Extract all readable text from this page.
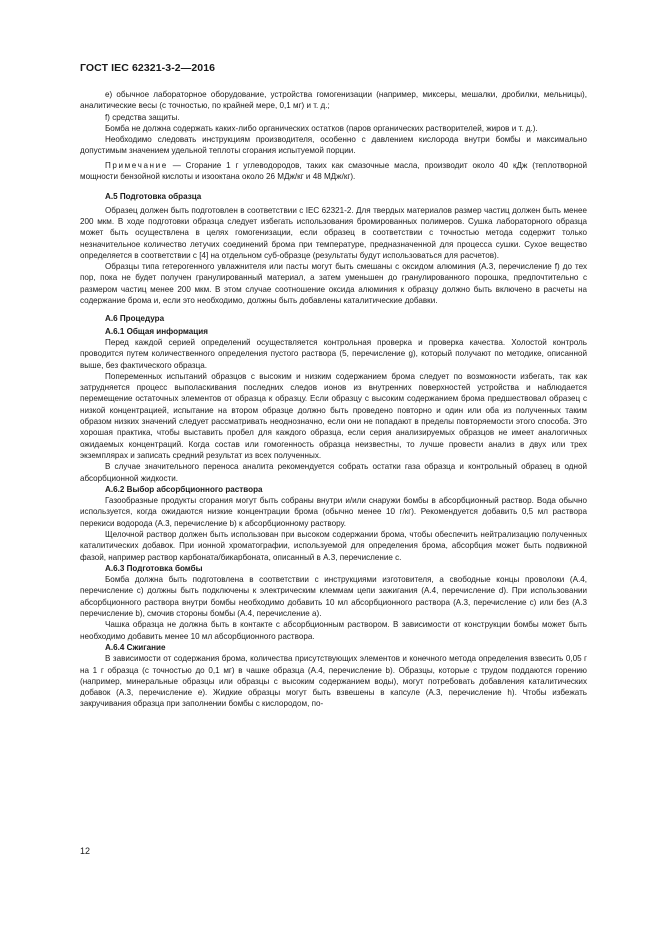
ГОСТ IEC 62321-3-2—2016

e) обычное лабораторное оборудование, устройства гомогенизации (например, миксеры, мешалки, дробилки, мельницы), аналитические весы (с точностью, по крайней мере, 0,1 мг) и т. д.;

f) средства защиты.

Бомба не должна содержать каких-либо органических остатков (паров органических растворителей, жиров и т. д.).

Необходимо следовать инструкциям производителя, особенно с давлением кислорода внутри бомбы и максимально допустимым значением удельной теплоты сгорания испытуемой порции.

Примечание — Сгорание 1 г углеводородов, таких как смазочные масла, производит около 40 кДж (теплотворной мощности бензойной кислоты и изооктана около 26 МДж/кг и 48 МДж/кг).

А.5 Подготовка образца

Образец должен быть подготовлен в соответствии с IEC 62321-2. Для твердых материалов размер частиц должен быть менее 200 мкм. В ходе подготовки образца следует избегать использования бромированных полимеров. Сушка лабораторного образца может быть осуществлена в целях гомогенизации, если образец в соответствии с точностью метода содержит только незначительное количество летучих соединений брома при температуре, предназначенной для процесса сушки. Сухое вещество определяется в соответствии с [4] на отдельном суб-образце (результаты будут использоваться для расчетов).

Образцы типа гетерогенного увлажнителя или пасты могут быть смешаны с оксидом алюминия (А.3, перечисление f) до тех пор, пока не будет получен гранулированный материал, а затем уменьшен до гранулированного порошка, предпочтительно с размером частиц менее 200 мкм. В этом случае соотношение оксида алюминия к образцу должно быть включено в расчеты на содержание брома и, если это необходимо, должны быть добавлены каталитические добавки.

А.6 Процедура

А.6.1 Общая информация

Перед каждой серией определений осуществляется контрольная проверка и проверка качества. Холостой контроль проводится путем количественного определения пустого раствора (5, перечисление g), который получают по методике, описанной выше, без фактического образца.

Попеременных испытаний образцов с высоким и низким содержанием брома следует по возможности избегать, так как затрудняется процесс выполаскивания последних следов ионов из внутренних поверхностей устройства и наблюдается перемещение остаточных элементов от образца к образцу. Если образцу с высоким содержанием брома предшествовал образец с низкой концентрацией, испытание на втором образце должно быть проведено повторно и один или оба из полученных таким образом низких значений следует рассматривать неоднозначно, если они не попадают в пределы повторяемости этого способа. Это хорошая практика, чтобы выставить пробел для каждого образца, если серия анализируемых образцов не имеет аналогичных ожидаемых концентраций. Когда состав или гомогенность образца неизвестны, то лучше провести анализ в двух или трех экземплярах и записать средний результат из всех полученных.

В случае значительного переноса аналита рекомендуется собрать остатки газа образца и контрольный образец в одной абсорбционной жидкости.

А.6.2 Выбор абсорбционного раствора

Газообразные продукты сгорания могут быть собраны внутри и/или снаружи бомбы в абсорбционный раствор. Вода обычно используется, когда ожидаются низкие концентрации брома (обычно менее 10 г/кг). Рекомендуется добавить 0,5 мл раствора перекиси водорода (А.3, перечисление b) к абсорбционному раствору.

Щелочной раствор должен быть использован при высоком содержании брома, чтобы обеспечить нейтрализацию полученных каталитических добавок. При ионной хроматографии, используемой для определения брома, абсорбция может быть подвижной фазой, например раствор карбоната/бикарбоната, описанный в А.3, перечисление с.

А.6.3 Подготовка бомбы

Бомба должна быть подготовлена в соответствии с инструкциями изготовителя, а свободные концы проволоки (А.4, перечисление с) должны быть подключены к электрическим клеммам цепи зажигания (А.4, перечисление d). При использовании абсорбционного раствора внутри бомбы необходимо добавить 10 мл абсорбционного раствора (А.3, перечисление с) или без (А.3 перечисление b), смочив стороны бомбы (А.4, перечисление а).

Чашка образца не должна быть в контакте с абсорбционным раствором. В зависимости от конструкции бомбы может быть необходимо добавить менее 10 мл абсорбционного раствора.

А.6.4 Сжигание

В зависимости от содержания брома, количества присутствующих элементов и конечного метода определения взвесить 0,05 г на 1 г образца (с точностью до 0,1 мг) в чашке образца (А.4, перечисление b). Образцы, которые с трудом поддаются горению (например, минеральные образцы или образцы с высоким содержанием воды), могут потребовать добавления каталитических добавок (А.3, перечисление е). Жидкие образцы могут быть взвешены в капсуле (А.3, перечисление h). Чтобы избежать закручивания образца при заполнении бомбы с кислородом, по-

12
